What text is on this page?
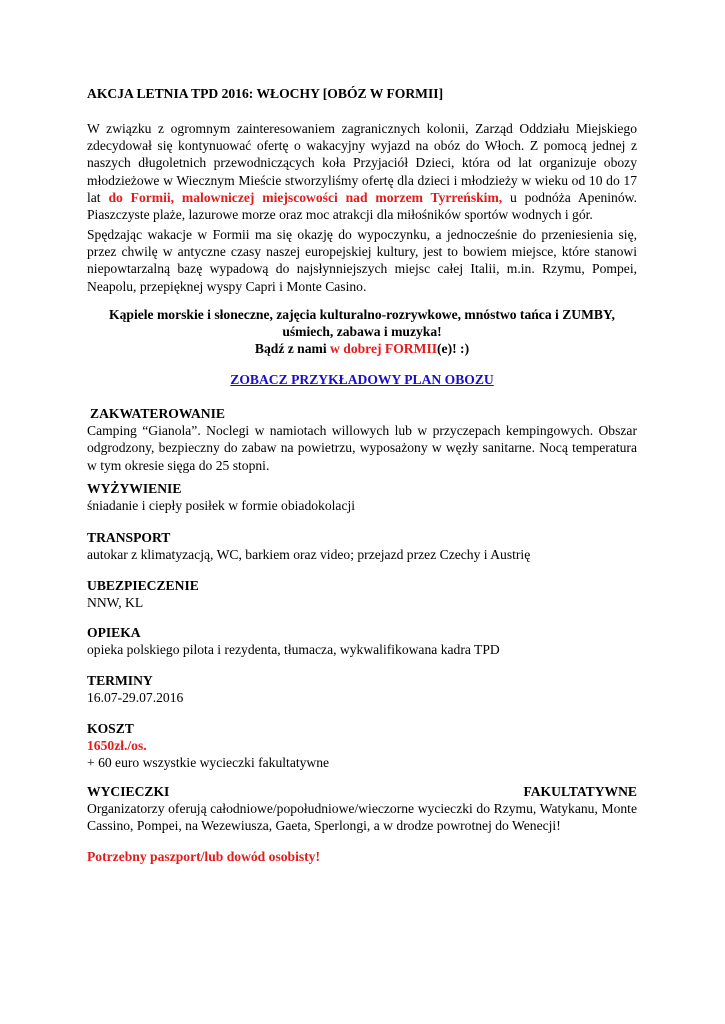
AKCJA LETNIA TPD 2016: WŁOCHY [OBÓZ W FORMII]
W związku z ogromnym zainteresowaniem zagranicznych kolonii, Zarząd Oddziału Miejskiego zdecydował się kontynuować ofertę o wakacyjny wyjazd na obóz do Włoch. Z pomocą jednej z naszych długoletnich przewodniczących koła Przyjaciół Dzieci, która od lat organizuje obozy młodzieżowe w Wiecznym Mieście stworzyliśmy ofertę dla dzieci i młodzieży w wieku od 10 do 17 lat do Formii, malowniczej miejscowości nad morzem Tyrreńskim, u podnóża Apeninów. Piaszczyste plaże, lazurowe morze oraz moc atrakcji dla miłośników sportów wodnych i gór.
Spędzając wakacje w Formii ma się okazję do wypoczynku, a jednocześnie do przeniesienia się, przez chwilę w antyczne czasy naszej europejskiej kultury, jest to bowiem miejsce, które stanowi niepowtarzalną bazę wypadową do najsłynniejszych miejsc całej Italii, m.in. Rzymu, Pompei, Neapolu, przepięknej wyspy Capri i Monte Casino.
Kąpiele morskie i słoneczne, zajęcia kulturalno-rozrywkowe, mnóstwo tańca i ZUMBY,
uśmiech, zabawa i muzyka!
Bądź z nami w dobrej FORMII(e)! :)
ZOBACZ PRZYKŁADOWY PLAN OBOZU
ZAKWATEROWANIE
Camping “Gianola”. Noclegi w namiotach willowych lub w przyczepach kempingowych. Obszar odgrodzony, bezpieczny do zabaw na powietrzu, wyposażony w węzły sanitarne. Nocą temperatura w tym okresie sięga do 25 stopni.
WYŻYWIENIE
śniadanie i ciepły posiłek w formie obiadokolacji
TRANSPORT
autokar z klimatyzacją, WC, barkiem oraz video; przejazd przez Czechy i Austrię
UBEZPIECZENIE
NNW, KL
OPIEKA
opieka polskiego pilota i rezydenta, tłumacza, wykwalifikowana kadra TPD
TERMINY
16.07-29.07.2016
KOSZT
1650zł./os.
+ 60 euro wszystkie wycieczki fakultatywne
WYCIECZKI	FAKULTATYWNE
Organizatorzy oferują całodniowe/popołudniowe/wieczorne wycieczki do Rzymu, Watykanu, Monte Cassino, Pompei, na Wezewiusza, Gaeta, Sperlongi, a w drodze powrotnej do Wenecji!
Potrzebny paszport/lub dowód osobisty!
